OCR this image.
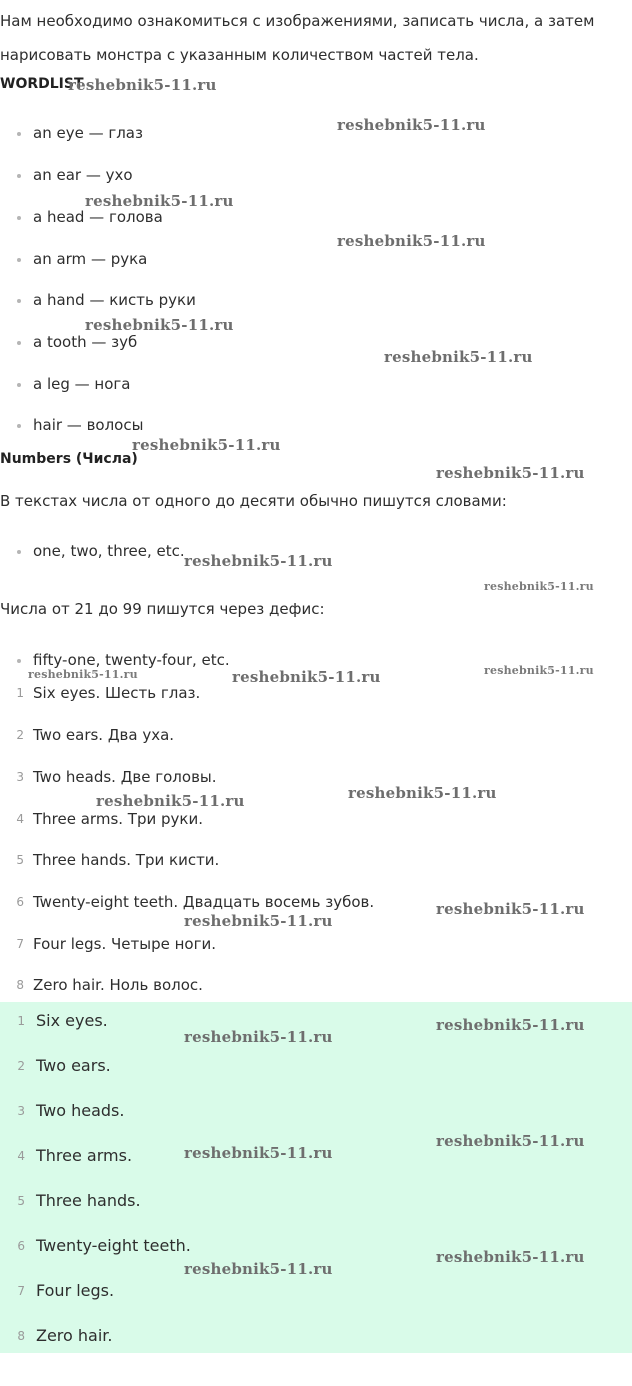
Нам необходимо ознакомиться с изображениями, записать числа, а затем нарисовать монстра с указанным количеством частей тела.
WORDLIST
an eye — глаз
an ear — ухо
a head — голова
an arm — рука
a hand — кисть руки
a tooth — зуб
a leg — нога
hair — волосы
Numbers (Числа)
В текстах числа от одного до десяти обычно пишутся словами:
one, two, three, etc.
Числа от 21 до 99 пишутся через дефис:
fifty-one, twenty-four, etc.
1 Six eyes. Шесть глаз.
2 Two ears. Два уха.
3 Two heads. Две головы.
4 Three arms. Три руки.
5 Three hands. Три кисти.
6 Twenty-eight teeth. Двадцать восемь зубов.
7 Four legs. Четыре ноги.
8 Zero hair. Ноль волос.
1 Six eyes.
2 Two ears.
3 Two heads.
4 Three arms.
5 Three hands.
6 Twenty-eight teeth.
7 Four legs.
8 Zero hair.
reshebnik5-11.ru
reshebnik5-11.ru
reshebnik5-11.ru
reshebnik5-11.ru
reshebnik5-11.ru
reshebnik5-11.ru
reshebnik5-11.ru
reshebnik5-11.ru
reshebnik5-11.ru
reshebnik5-11.ru
reshebnik5-11.ru	reshebnik5-11.ru	reshebnik5-11.ru
reshebnik5-11.ru	reshebnik5-11.ru
reshebnik5-11.ru
reshebnik5-11.ru
reshebnik5-11.ru
reshebnik5-11.ru
reshebnik5-11.ru
reshebnik5-11.ru
reshebnik5-11.ru
reshebnik5-11.ru
